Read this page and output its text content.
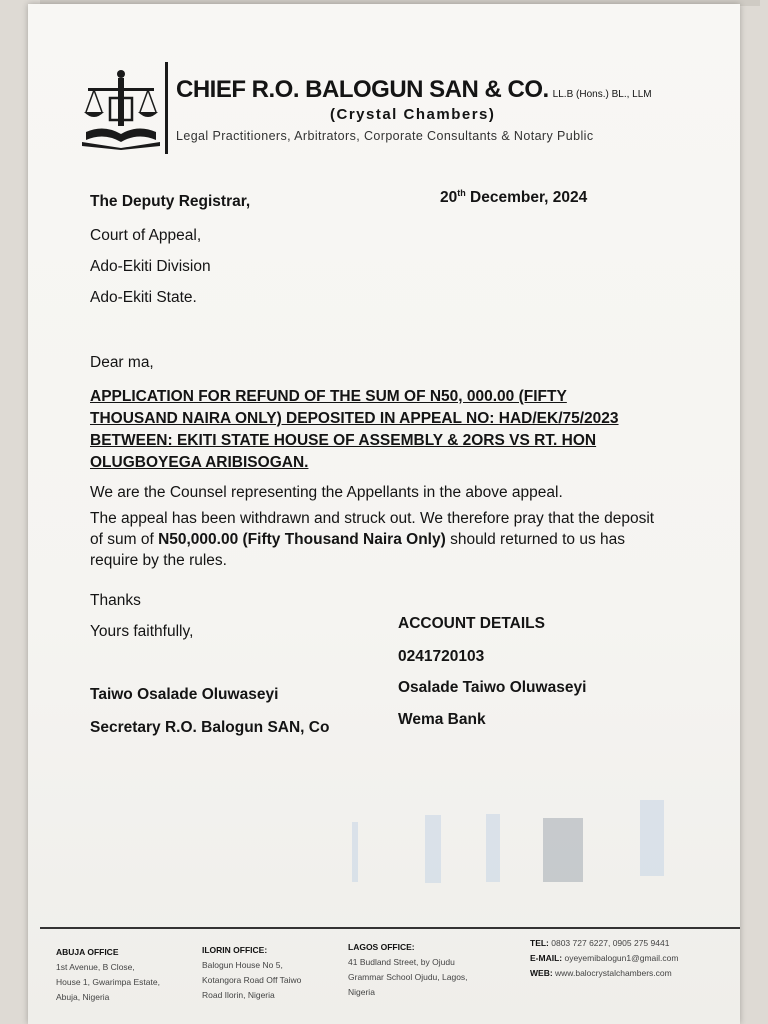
CHIEF R.O. BALOGUN SAN & CO. LL.B (Hons.) BL., LLM
(Crystal Chambers)
Legal Practitioners, Arbitrators, Corporate Consultants & Notary Public
The Deputy Registrar,
Court of Appeal,
Ado-Ekiti Division
Ado-Ekiti State.
20th December, 2024
Dear ma,
APPLICATION FOR REFUND OF THE SUM OF N50, 000.00 (FIFTY THOUSAND NAIRA ONLY) DEPOSITED IN APPEAL NO: HAD/EK/75/2023 BETWEEN: EKITI STATE HOUSE OF ASSEMBLY & 2ORS VS RT. HON OLUGBOYEGA ARIBISOGAN.
We are the Counsel representing the Appellants in the above appeal.
The appeal has been withdrawn and struck out. We therefore pray that the deposit of sum of N50,000.00 (Fifty Thousand Naira Only) should returned to us has require by the rules.
Thanks
Yours faithfully,
Taiwo Osalade Oluwaseyi
Secretary R.O. Balogun SAN, Co
ACCOUNT DETAILS
0241720103
Osalade Taiwo Oluwaseyi
Wema Bank
ABUJA OFFICE
1st Avenue, B Close,
House 1, Gwarimpa Estate,
Abuja, Nigeria
ILORIN OFFICE:
Balogun House No 5,
Kotangora Road Off Taiwo
Road Ilorin, Nigeria
LAGOS OFFICE:
41 Budland Street, by Ojudu
Grammar School Ojudu, Lagos,
Nigeria
TEL: 0803 727 6227, 0905 275 9441
E-MAIL: oyeyemibalogun1@gmail.com
WEB: www.balocrystalchambers.com
